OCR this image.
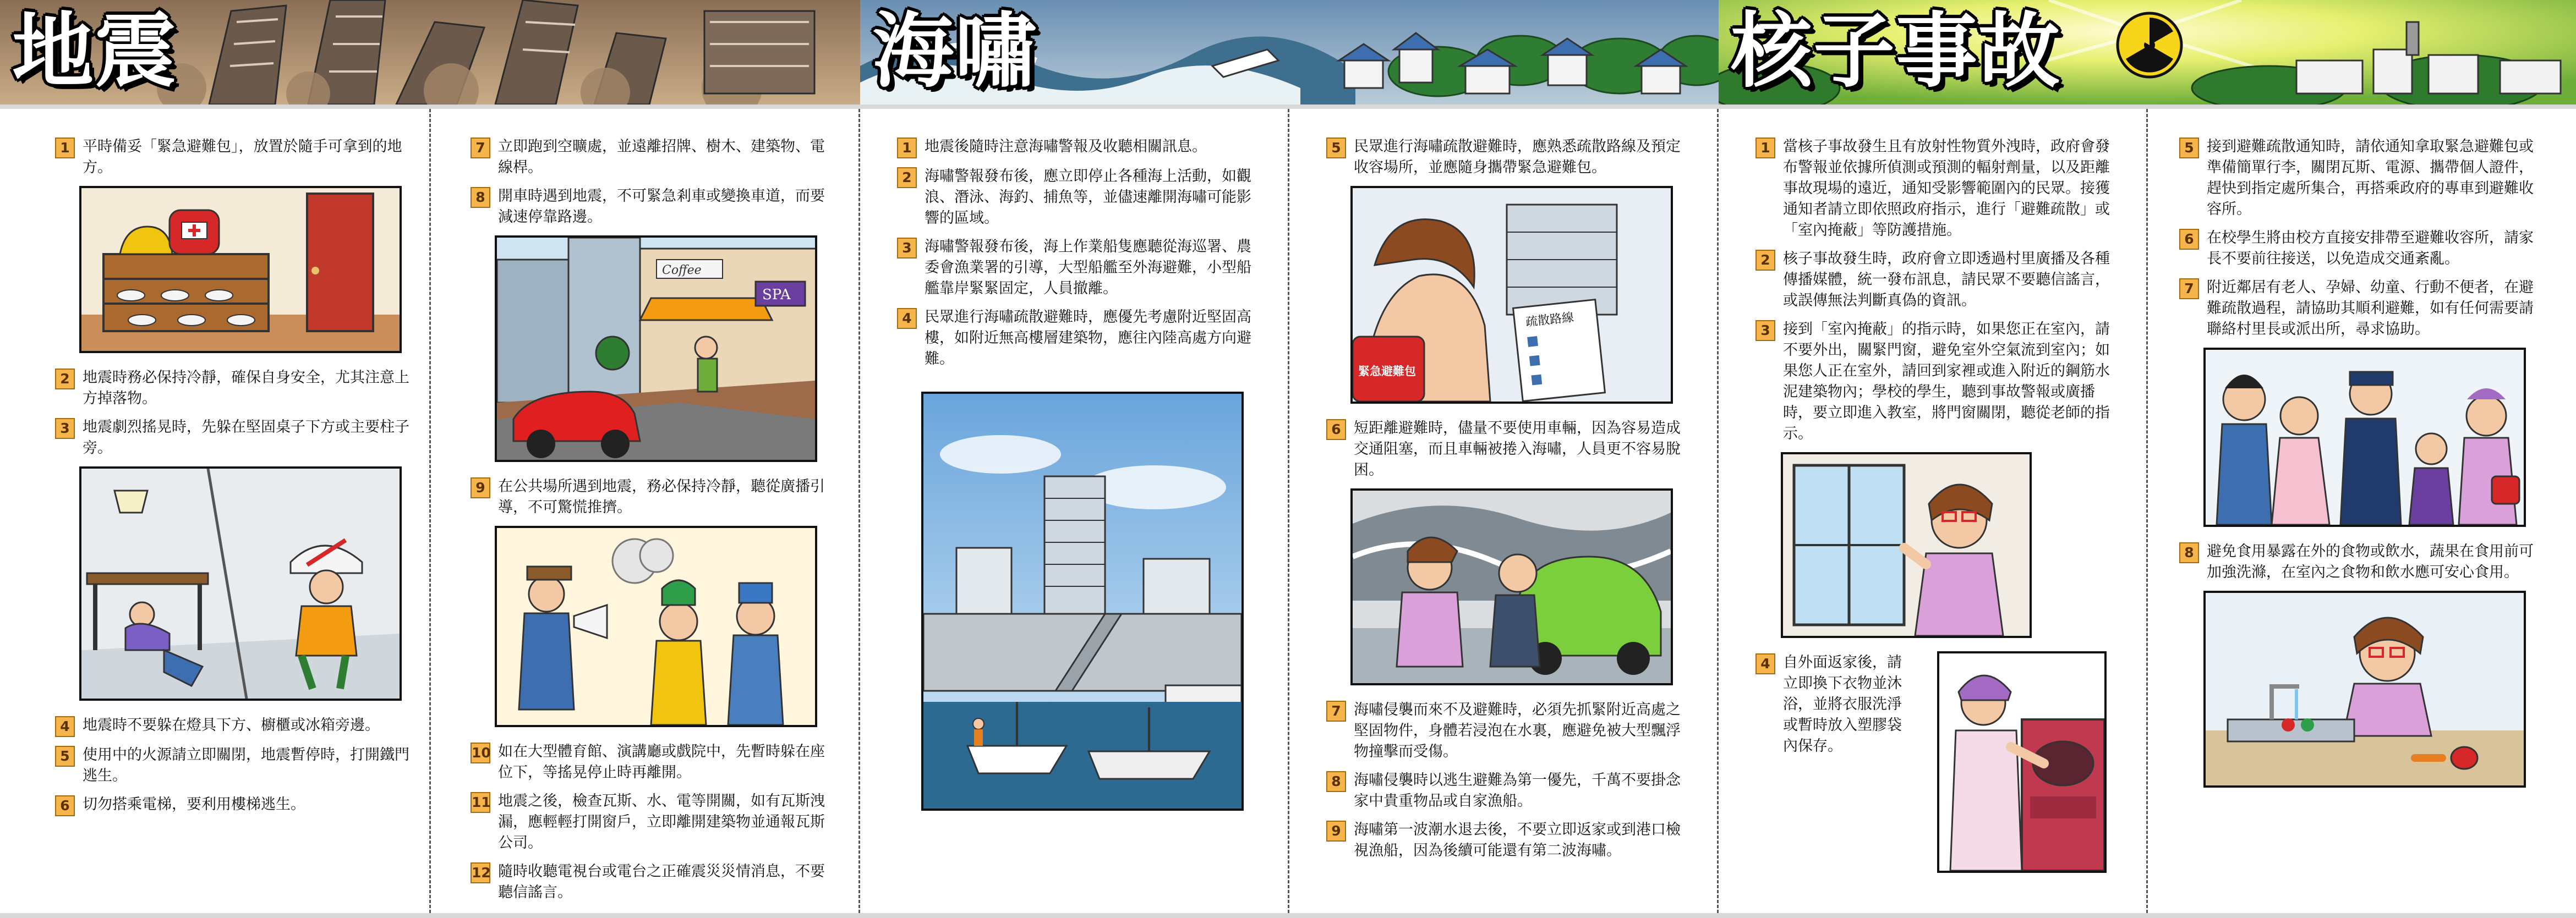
地震	海嘯	核子事故
1 平時備妥「緊急避難包」，放置於隨手可拿到的地方。
2 地震時務必保持冷靜，確保自身安全，尤其注意上方掉落物。
3 地震劇烈搖晃時，先躲在堅固桌子下方或主要柱子旁。
4 地震時不要躲在燈具下方、櫥櫃或冰箱旁邊。
5 使用中的火源請立即關閉，地震暫停時，打開鐵門逃生。
6 切勿搭乘電梯，要利用樓梯逃生。
7 立即跑到空曠處，並遠離招牌、樹木、建築物、電線桿。
8 開車時遇到地震，不可緊急剎車或變換車道，而要減速停靠路邊。
Coffee
SPA
9 在公共場所遇到地震，務必保持冷靜，聽從廣播引導，不可驚慌推擠。
10 如在大型體育館、演講廳或戲院中，先暫時躲在座位下，等搖晃停止時再離開。
11 地震之後，檢查瓦斯、水、電等開關，如有瓦斯洩漏，應輕輕打開窗戶，立即離開建築物並通報瓦斯公司。
12 隨時收聽電視台或電台之正確震災災情消息，不要聽信謠言。
1 地震後隨時注意海嘯警報及收聽相關訊息。
2 海嘯警報發布後，應立即停止各種海上活動，如觀浪、潛泳、海釣、捕魚等，並儘速離開海嘯可能影響的區域。
3 海嘯警報發布後，海上作業船隻應聽從海巡署、農委會漁業署的引導，大型船艦至外海避難，小型船艦靠岸緊緊固定，人員撤離。
4 民眾進行海嘯疏散避難時，應優先考慮附近堅固高樓，如附近無高樓層建築物，應往內陸高處方向避難。
5 民眾進行海嘯疏散避難時，應熟悉疏散路線及預定收容場所，並應隨身攜帶緊急避難包。
緊急避難包
疏散路線
6 短距離避難時，儘量不要使用車輛，因為容易造成交通阻塞，而且車輛被捲入海嘯，人員更不容易脫困。
7 海嘯侵襲而來不及避難時，必須先抓緊附近高處之堅固物件，身體若浸泡在水裏，應避免被大型飄浮物撞擊而受傷。
8 海嘯侵襲時以逃生避難為第一優先，千萬不要掛念家中貴重物品或自家漁船。
9 海嘯第一波潮水退去後，不要立即返家或到港口檢視漁船，因為後續可能還有第二波海嘯。
1 當核子事故發生且有放射性物質外洩時，政府會發布警報並依據所偵測或預測的輻射劑量，以及距離事故現場的遠近，通知受影響範圍內的民眾。接獲通知者請立即依照政府指示，進行「避難疏散」或「室內掩蔽」等防護措施。
2 核子事故發生時，政府會立即透過村里廣播及各種傳播媒體，統一發布訊息，請民眾不要聽信謠言，或誤傳無法判斷真偽的資訊。
3 接到「室內掩蔽」的指示時，如果您正在室內，請不要外出，關緊門窗，避免室外空氣流到室內；如果您人正在室外，請回到家裡或進入附近的鋼筋水泥建築物內；學校的學生，聽到事故警報或廣播時，要立即進入教室，將門窗關閉，聽從老師的指示。
4 自外面返家後，請立即換下衣物並沐浴，並將衣服洗淨或暫時放入塑膠袋內保存。
5 接到避難疏散通知時，請依通知拿取緊急避難包或準備簡單行李，關閉瓦斯、電源、攜帶個人證件，趕快到指定處所集合，再搭乘政府的專車到避難收容所。
6 在校學生將由校方直接安排帶至避難收容所，請家長不要前往接送，以免造成交通紊亂。
7 附近鄰居有老人、孕婦、幼童、行動不便者，在避難疏散過程，請協助其順利避難，如有任何需要請聯絡村里長或派出所，尋求協助。
8 避免食用暴露在外的食物或飲水，蔬果在食用前可加強洗滌，在室內之食物和飲水應可安心食用。
